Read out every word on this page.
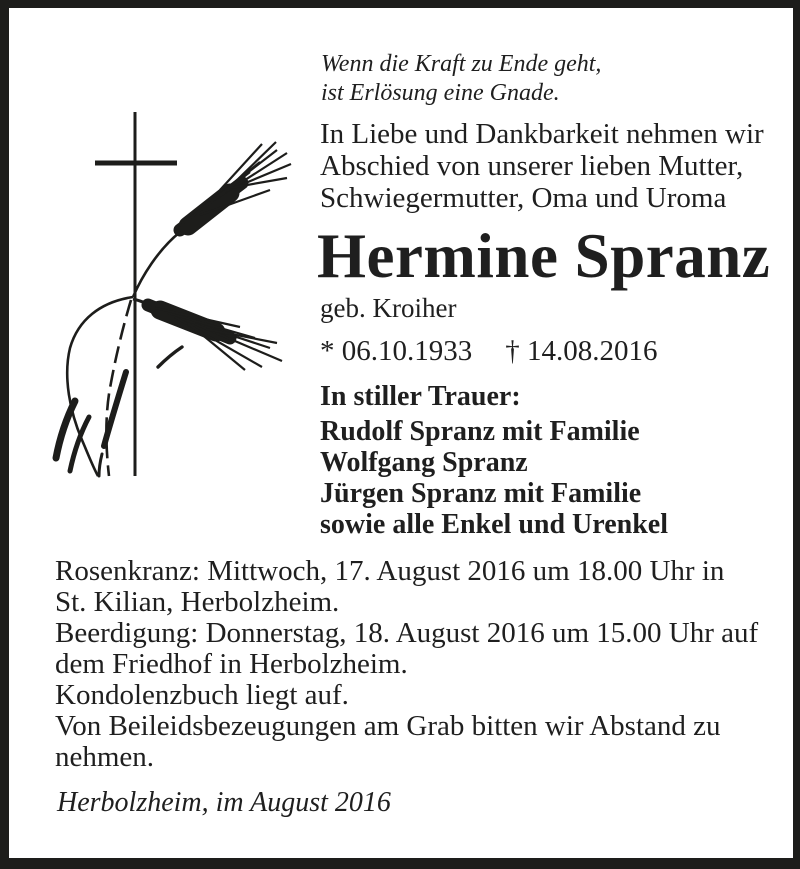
Wenn die Kraft zu Ende geht,
ist Erlösung eine Gnade.
In Liebe und Dankbarkeit nehmen wir
Abschied von unserer lieben Mutter,
Schwiegermutter, Oma und Uroma
Hermine Spranz
geb. Kroiher
* 06.10.1933 † 14.08.2016
In stiller Trauer:
Rudolf Spranz mit Familie
Wolfgang Spranz
Jürgen Spranz mit Familie
sowie alle Enkel und Urenkel
Rosenkranz: Mittwoch, 17. August 2016 um 18.00 Uhr in
St. Kilian, Herbolzheim.
Beerdigung: Donnerstag, 18. August 2016 um 15.00 Uhr auf
dem Friedhof in Herbolzheim.
Kondolenzbuch liegt auf.
Von Beileidsbezeugungen am Grab bitten wir Abstand zu
nehmen.
Herbolzheim, im August 2016
